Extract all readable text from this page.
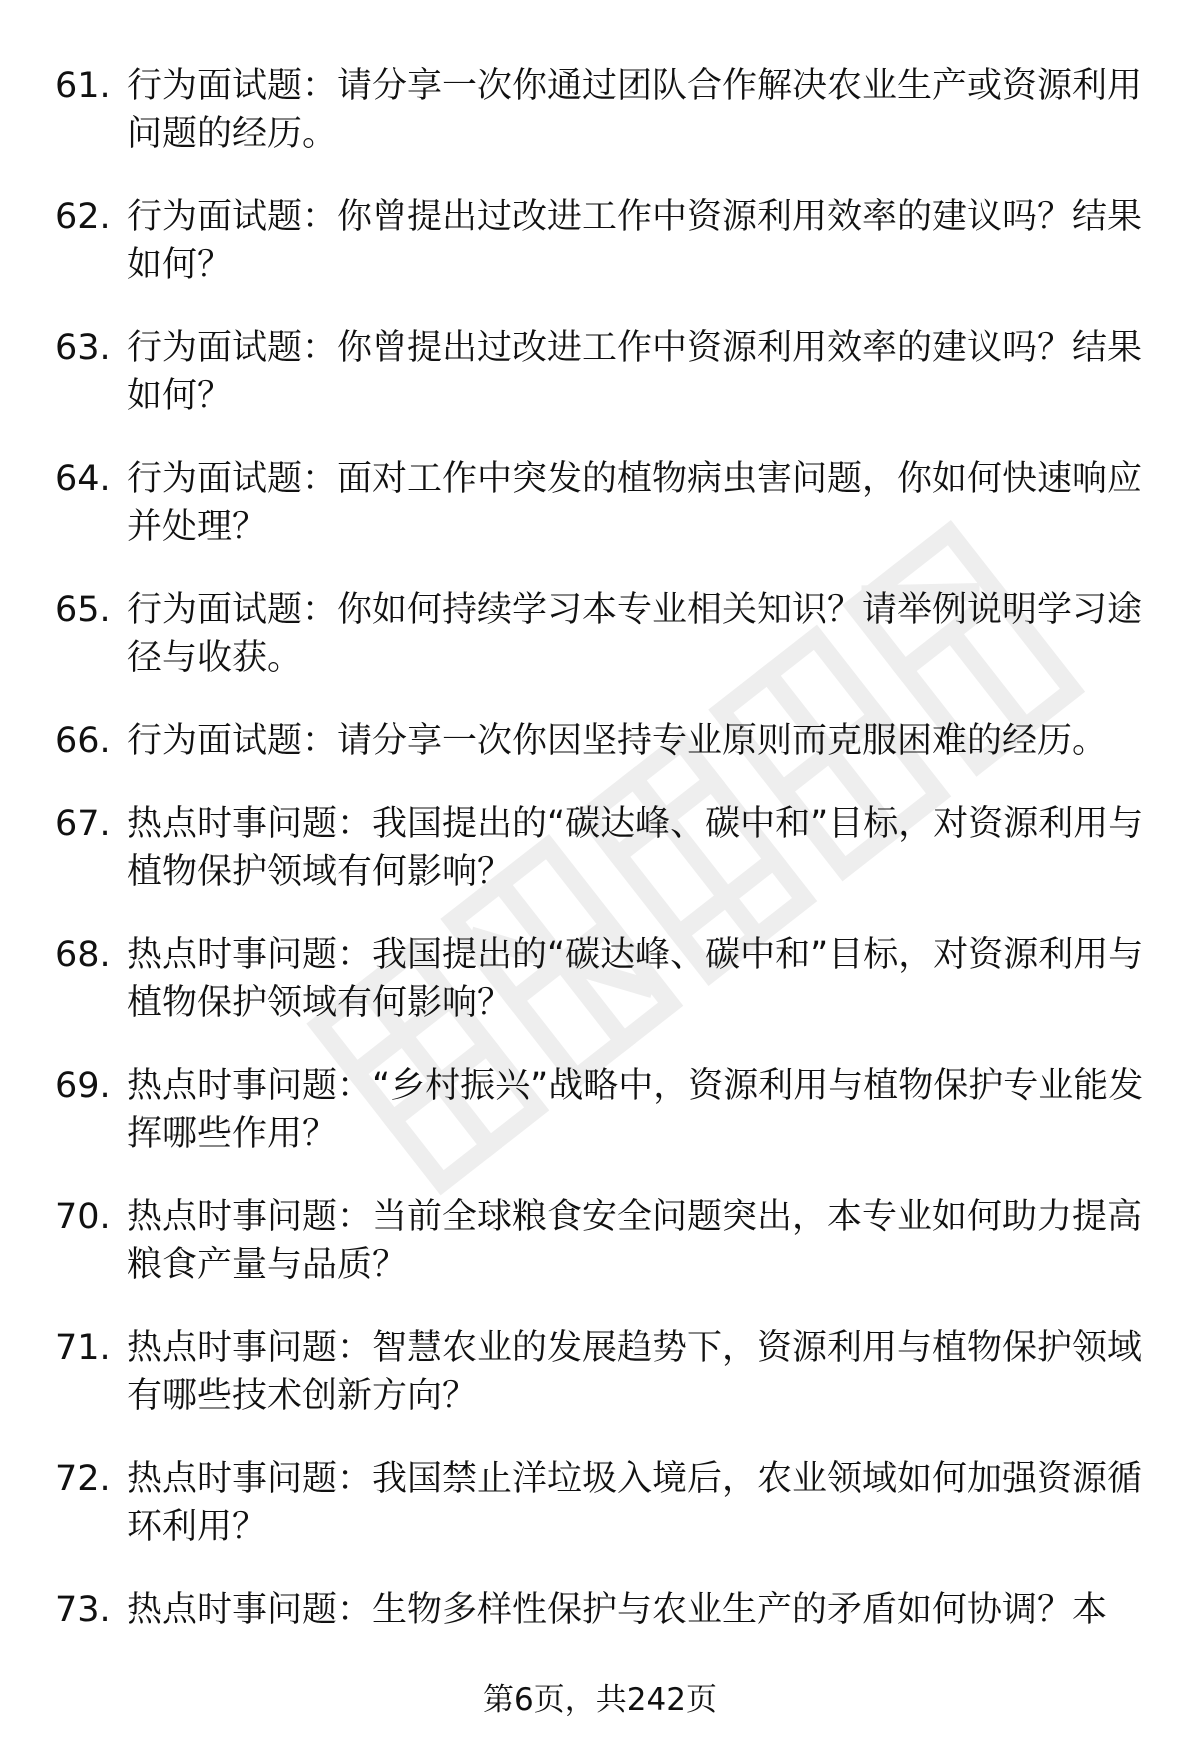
61. 行为面试题：请分享一次你通过团队合作解决农业生产或资源利用问题的经历。
62. 行为面试题：你曾提出过改进工作中资源利用效率的建议吗？结果如何？
63. 行为面试题：你曾提出过改进工作中资源利用效率的建议吗？结果如何？
64. 行为面试题：面对工作中突发的植物病虫害问题，你如何快速响应并处理？
65. 行为面试题：你如何持续学习本专业相关知识？请举例说明学习途径与收获。
66. 行为面试题：请分享一次你因坚持专业原则而克服困难的经历。
67. 热点时事问题：我国提出的“碳达峰、碳中和”目标，对资源利用与植物保护领域有何影响？
68. 热点时事问题：我国提出的“碳达峰、碳中和”目标，对资源利用与植物保护领域有何影响？
69. 热点时事问题：“乡村振兴”战略中，资源利用与植物保护专业能发挥哪些作用？
70. 热点时事问题：当前全球粮食安全问题突出，本专业如何助力提高粮食产量与品质？
71. 热点时事问题：智慧农业的发展趋势下，资源利用与植物保护领域有哪些技术创新方向？
72. 热点时事问题：我国禁止洋垃圾入境后，农业领域如何加强资源循环利用？
73. 热点时事问题：生物多样性保护与农业生产的矛盾如何协调？本
第6页，共242页
